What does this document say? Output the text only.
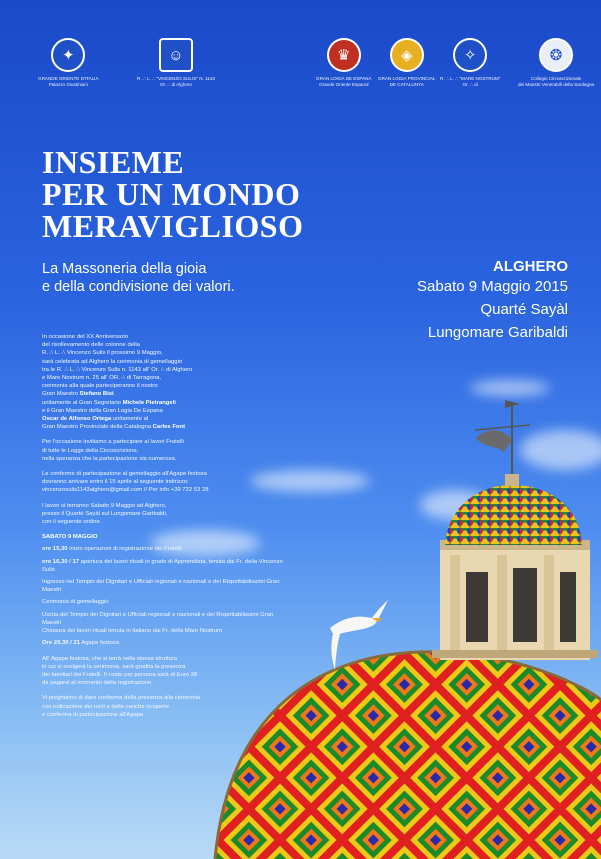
✦
GRANDE ORIENTE D'ITALIA
Palazzo Giustiniani
☺
R. ∴ L. ∴ "VINCENZO SULIS" N. 1143
Or. ∴ di Alghero
♛
GRAN LOGIA DE ESPANA
Grande Oriente Espanol
◈
GRAN LOGIA PROVINCIAL
DE CATALUNYA
✧
R. ∴ L. ∴ "MARE NOSTRUM"
Or. ∴ di
❂
Collegio Circoscrizionale
dei Maestri Venerabili della Sardegna
INSIEME
PER UN MONDO
MERAVIGLIOSO
La Massoneria della gioia
e della condivisione dei valori.
ALGHERO
Sabato 9 Maggio 2015
Quarté Sayàl
Lungomare Garibaldi

In occasione del XX Anniversario
del risollevamento delle colonne della
R. ∴ L. ∴ Vincenzo Sulis il prossimo 9 Maggio,
sarà celebrata ad Alghero la cerimonia di gemellaggio
tra le R. ∴ L. ∴ Vincenzo Sulis n. 1143 all' Or. ∴ di Alghero
e Mare Nostrum n. 25 all' OR. ∴ di Tarragona,
cerimonia alla quale parteciperanno il nostro
Gran Maestro Stefano Bisi
unitamente al Gran Segretario Michele Pietrangeli
e il Gran Maestro della Gran Logia De Espana
Oscar de Alfonso Ortega unitamente al
Gran Maestro Provinciale della Catalogna Carles Font

Per l'occasione invitiamo a partecipare ai lavori Fratelli
di tutte le Logge della Circoscrizione,
nella speranza che la partecipazione sia numerosa.

Le conferme di partecipazione al gemellaggio all'Agape festosa
dovranno arrivare entro il 15 aprile al seguente indirizzo:
vincenzosulis1143alghero@gmail.com // Per info +39 722 53 28

I lavori si terranno Sabato 9 Maggio ad Alghero,
presso il Quarté Sayàl sul Lungomare Garibaldi,
con il seguente ordine.

SABATO 9 MAGGIO
ore 15,30 inizio operazioni di registrazione dei Fratelli
ore 16,30 / 17 apertura dei lavori rituali in grado di Apprendista, tenuta dai Fr. della Vincenzo Sulis
Ingresso nel Tempio dei Dignitari e Ufficiali regionali e nazionali e dei Rispettabilissimi Gran Maestri
Cerimonia di gemellaggio
Uscita del Tempio dei Dignitari e Ufficiali regionali e nazionali e dei Rispettabilissimi Gran Maestri
Chiusura dei lavori rituali tenuta in italiano dai Fr. della Mare Nostrum
Ore 20,30 / 21 Agape festosa

All' Agape festosa, che si terrà nella stessa struttura
in cui si svolgerà la cerimonia, sarà gradita la presenza
dei familiari dei Fratelli. Il costo per persona sarà di Euro 38
da pagarsi al momento della registrazione.

Vi preghiamo di dare conferma della presenza alla cerimonia
con indicazione dei ruoli e delle cariche ricoperte
e conferma di partecipazione all'Agape.
